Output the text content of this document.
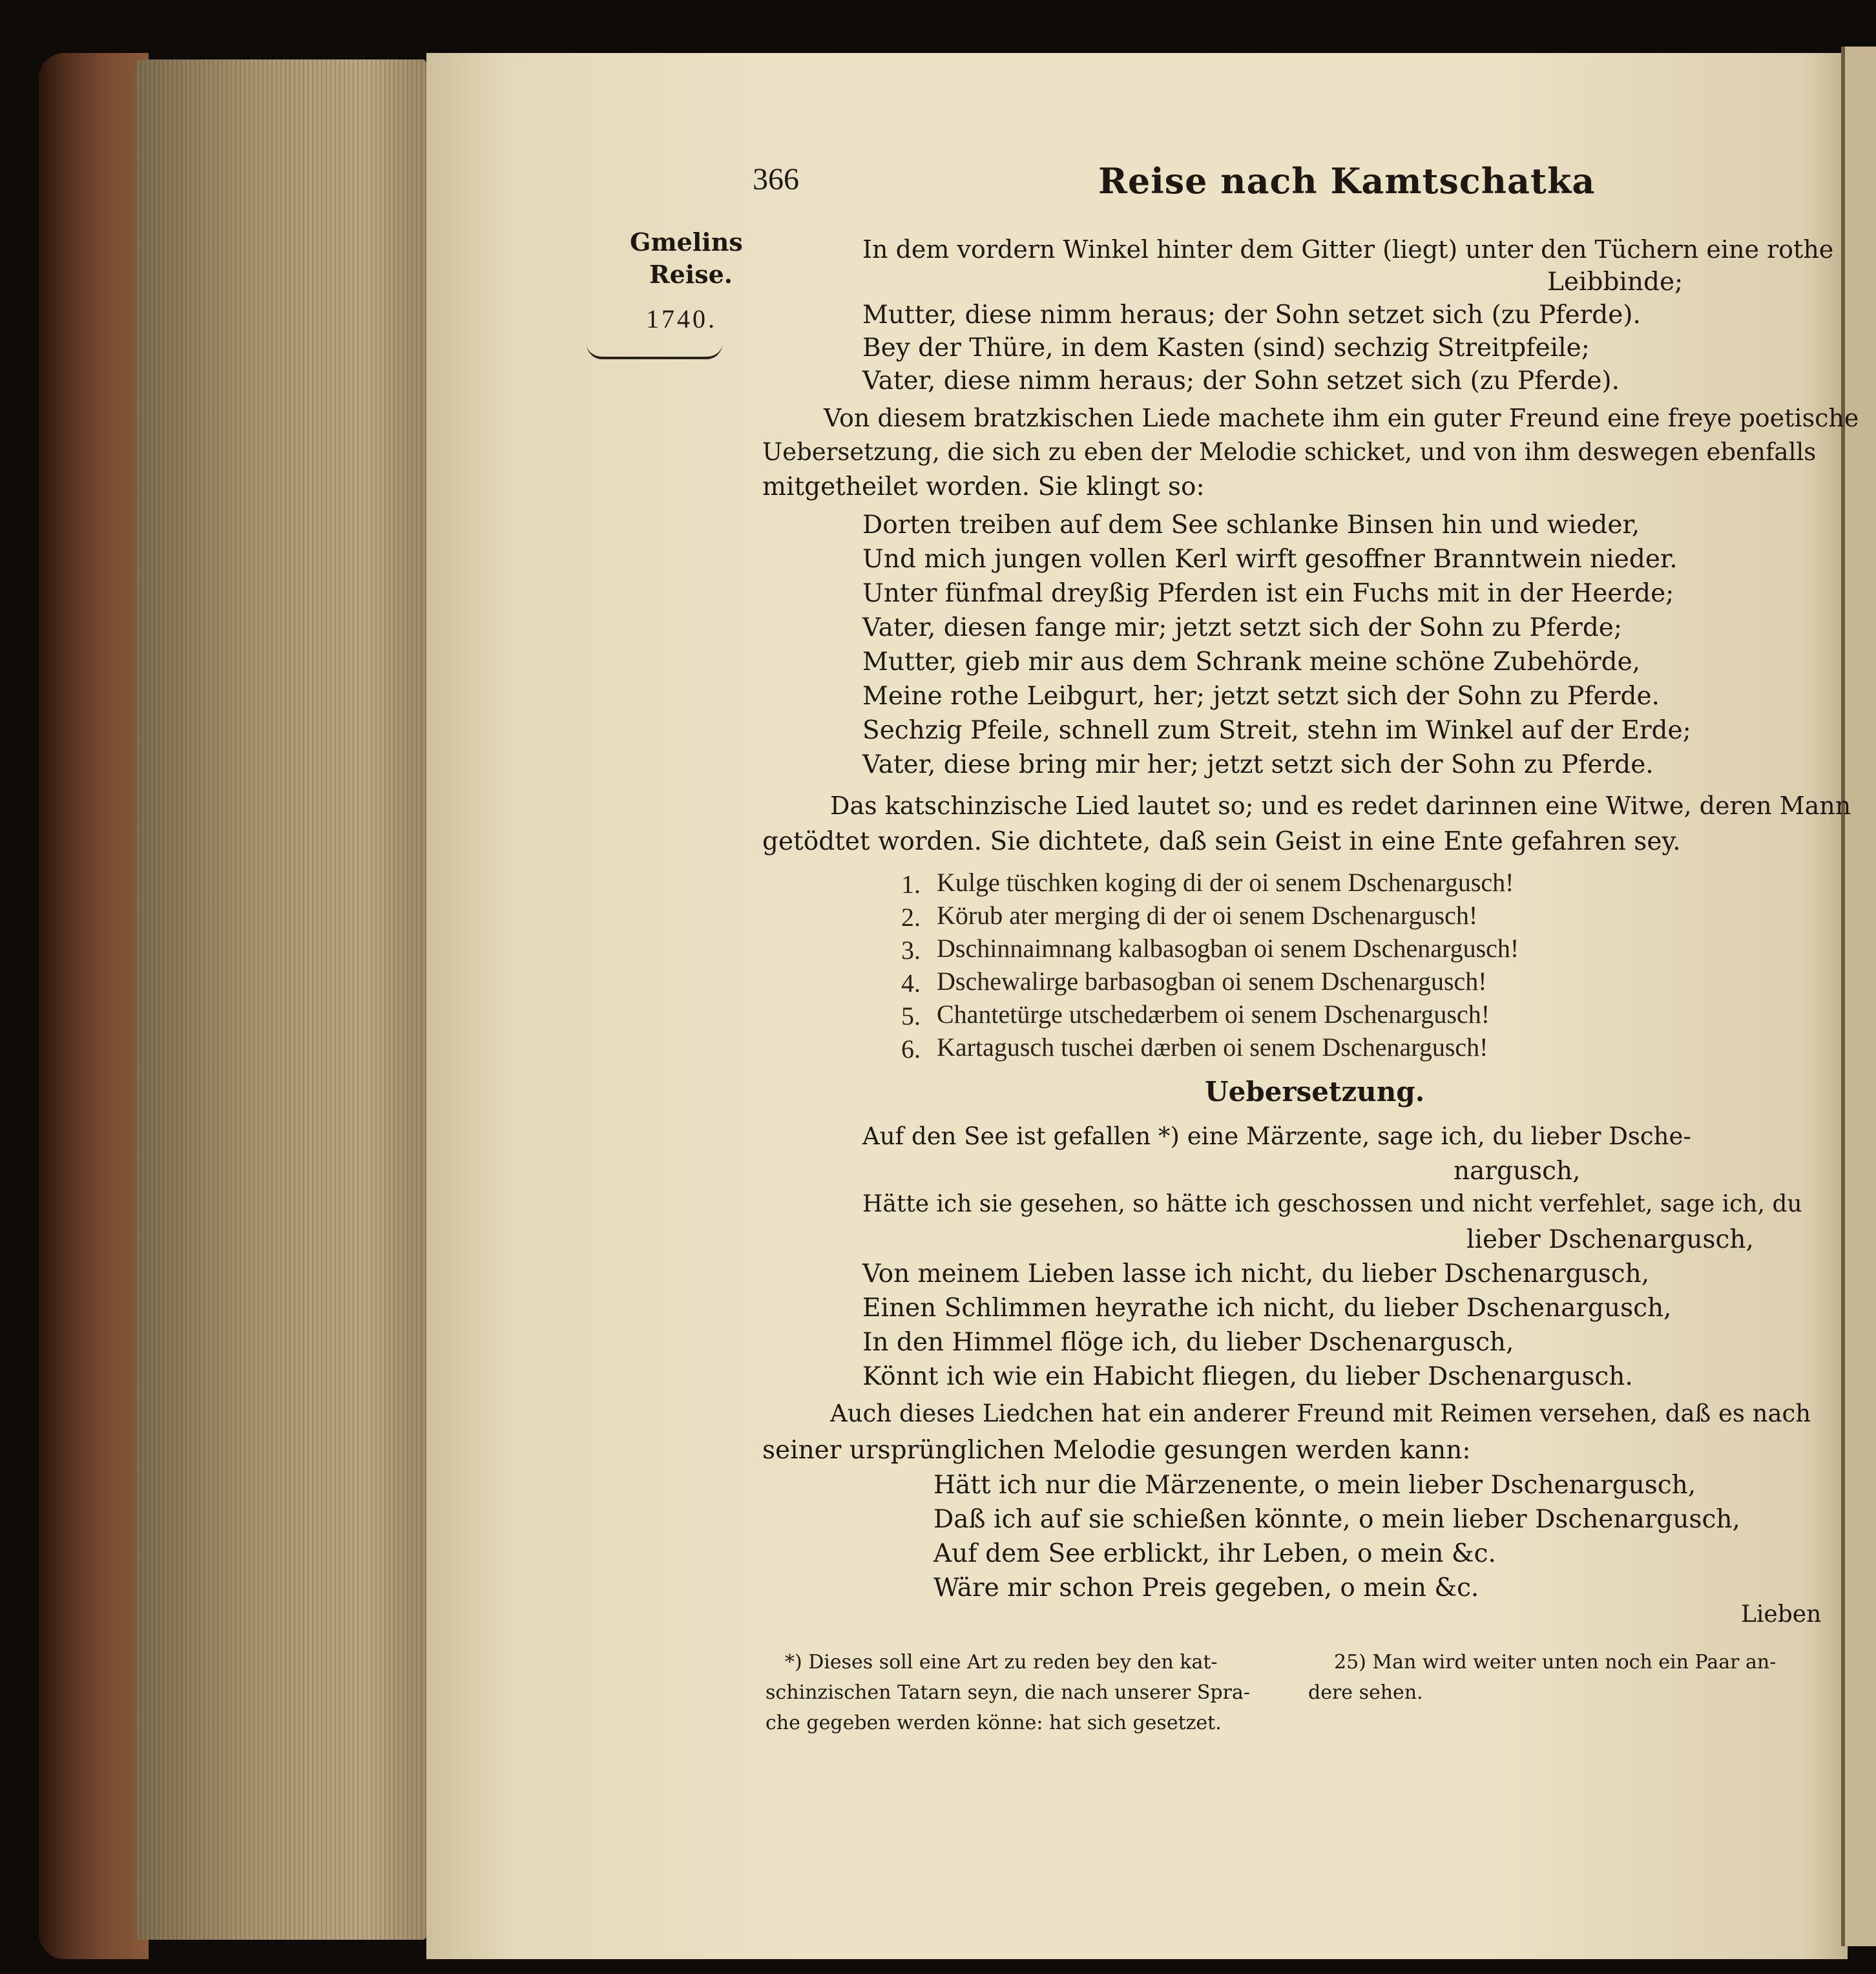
366	Reise nach Kamtschatka
Gmelins
Reise.
1740.
In dem vordern Winkel hinter dem Gitter (liegt) unter den Tüchern eine rothe
Leibbinde;
Mutter, diese nimm heraus; der Sohn setzet sich (zu Pferde).
Bey der Thüre, in dem Kasten (sind) sechzig Streitpfeile;
Vater, diese nimm heraus; der Sohn setzet sich (zu Pferde).
Von diesem bratzkischen Liede machete ihm ein guter Freund eine freye poetische
Uebersetzung, die sich zu eben der Melodie schicket, und von ihm deswegen ebenfalls
mitgetheilet worden. Sie klingt so:
Dorten treiben auf dem See schlanke Binsen hin und wieder,
Und mich jungen vollen Kerl wirft gesoffner Branntwein nieder.
Unter fünfmal dreyßig Pferden ist ein Fuchs mit in der Heerde;
Vater, diesen fange mir; jetzt setzt sich der Sohn zu Pferde;
Mutter, gieb mir aus dem Schrank meine schöne Zubehörde,
Meine rothe Leibgurt, her; jetzt setzt sich der Sohn zu Pferde.
Sechzig Pfeile, schnell zum Streit, stehn im Winkel auf der Erde;
Vater, diese bring mir her; jetzt setzt sich der Sohn zu Pferde.
Das katschinzische Lied lautet so; und es redet darinnen eine Witwe, deren Mann
getödtet worden. Sie dichtete, daß sein Geist in eine Ente gefahren sey.
1. Kulge tüschken koging di der oi senem Dschenargusch!
2. Körub ater merging di der oi senem Dschenargusch!
3. Dschinnaimnang kalbasogban oi senem Dschenargusch!
4. Dschewalirge barbasogban oi senem Dschenargusch!
5. Chantetürge utschedærbem oi senem Dschenargusch!
6. Kartagusch tuschei dærben oi senem Dschenargusch!
Uebersetzung.
Auf den See ist gefallen *) eine Märzente, sage ich, du lieber Dsche-
nargusch,
Hätte ich sie gesehen, so hätte ich geschossen und nicht verfehlet, sage ich, du
lieber Dschenargusch,
Von meinem Lieben lasse ich nicht, du lieber Dschenargusch,
Einen Schlimmen heyrathe ich nicht, du lieber Dschenargusch,
In den Himmel flöge ich, du lieber Dschenargusch,
Könnt ich wie ein Habicht fliegen, du lieber Dschenargusch.
Auch dieses Liedchen hat ein anderer Freund mit Reimen versehen, daß es nach
seiner ursprünglichen Melodie gesungen werden kann:
Hätt ich nur die Märzenente, o mein lieber Dschenargusch,
Daß ich auf sie schießen könnte, o mein lieber Dschenargusch,
Auf dem See erblickt, ihr Leben, o mein &c.
Wäre mir schon Preis gegeben, o mein &c.
Lieben
*) Dieses soll eine Art zu reden bey den kat-
schinzischen Tatarn seyn, die nach unserer Spra-
che gegeben werden könne: hat sich gesetzet.
25) Man wird weiter unten noch ein Paar an-
dere sehen.
